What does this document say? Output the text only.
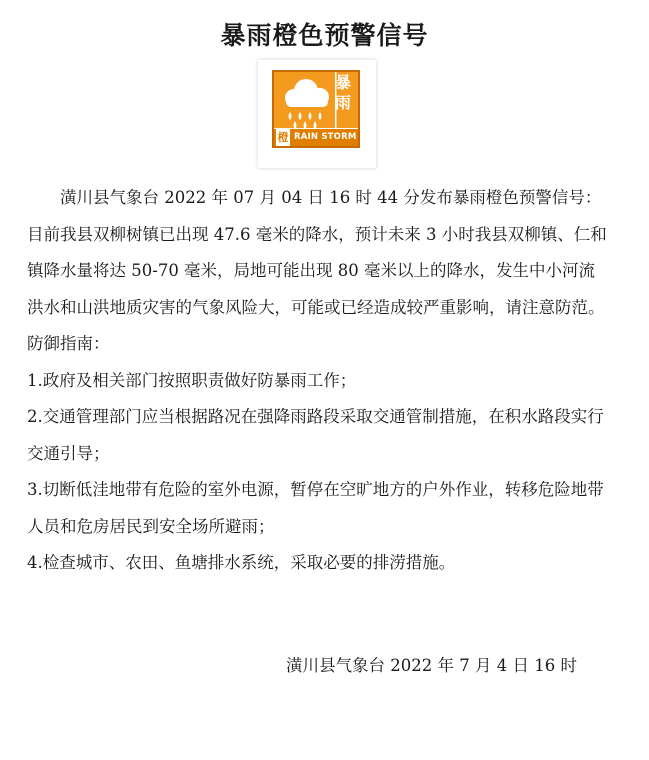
暴雨橙色预警信号
暴
雨
橙 RAIN STORM

潢川县气象台 2022 年 07 月 04 日 16 时 44 分发布暴雨橙色预警信号：目前我县双柳树镇已出现 47.6 毫米的降水，预计未来 3 小时我县双柳镇、仁和镇降水量将达 50-70 毫米，局地可能出现 80 毫米以上的降水，发生中小河流洪水和山洪地质灾害的气象风险大，可能或已经造成较严重影响，请注意防范。

防御指南：

1.政府及相关部门按照职责做好防暴雨工作；

2.交通管理部门应当根据路况在强降雨路段采取交通管制措施，在积水路段实行交通引导；

3.切断低洼地带有危险的室外电源，暂停在空旷地方的户外作业，转移危险地带人员和危房居民到安全场所避雨；

4.检查城市、农田、鱼塘排水系统，采取必要的排涝措施。

潢川县气象台 2022 年 7 月 4 日 16 时
